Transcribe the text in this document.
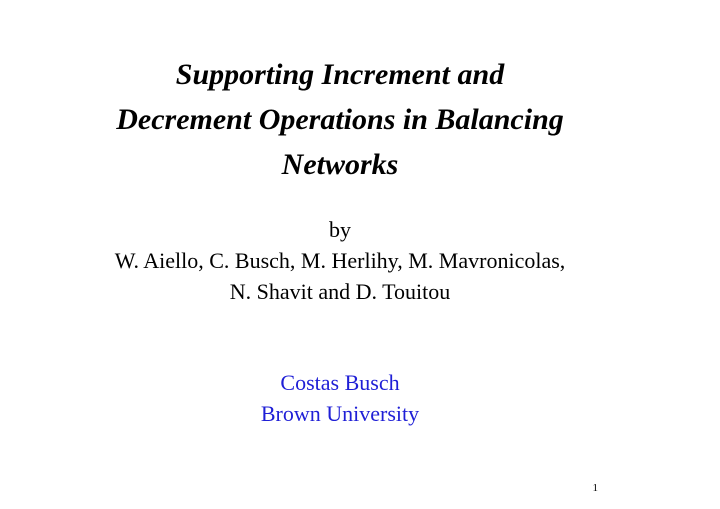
Supporting Increment and
Decrement Operations in Balancing
Networks
by
W. Aiello, C. Busch, M. Herlihy, M. Mavronicolas,
N. Shavit and D. Touitou
Costas Busch
Brown University
1
